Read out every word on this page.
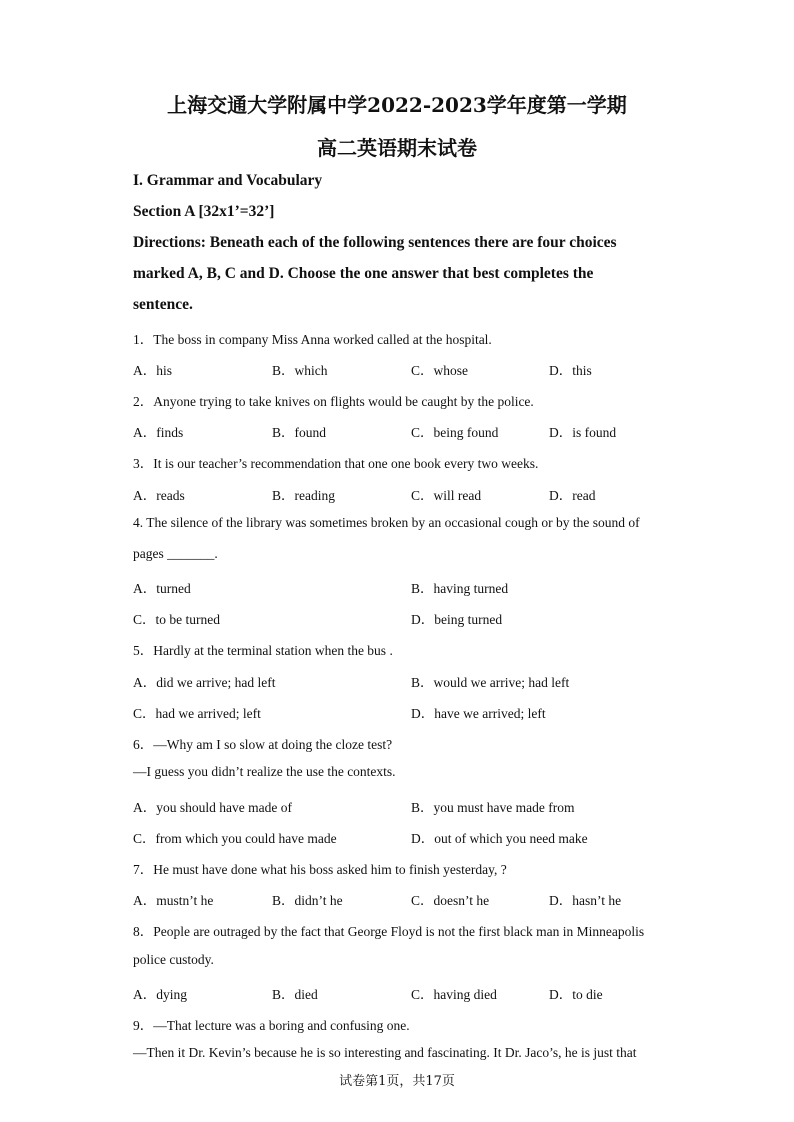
上海交通大学附属中学2022-2023学年度第一学期

高二英语期末试卷

I. Grammar and Vocabulary

Section A [32x1’=32’]

Directions: Beneath each of the following sentences there are four choices

marked A, B, C and D. Choose the one answer that best completes the

sentence.

1．The boss in company Miss Anna worked called at the hospital.

A．his	B．which	C．whose	D．this

2．Anyone trying to take knives on flights would be caught by the police.

A．finds	B．found	C．being found	D．is found

3．It is our teacher’s recommendation that one one book every two weeks.

A．reads	B．reading	C．will read	D．read

4. The silence of the library was sometimes broken by an occasional cough or by the sound of

pages _______.

A．turned	B．having turned
C．to be turned	D．being turned

5．Hardly at the terminal station when the bus .

A．did we arrive; had left	B．would we arrive; had left
C．had we arrived; left	D．have we arrived; left

6．—Why am I so slow at doing the cloze test?

—I guess you didn’t realize the use the contexts.

A．you should have made of	B．you must have made from
C．from which you could have made	D．out of which you need make

7．He must have done what his boss asked him to finish yesterday, ?

A．mustn’t he	B．didn’t he	C．doesn’t he	D．hasn’t he

8．People are outraged by the fact that George Floyd is not the first black man in Minneapolis

police custody.

A．dying	B．died	C．having died	D．to die

9．—That lecture was a boring and confusing one.

—Then it Dr. Kevin’s because he is so interesting and fascinating. It Dr. Jaco’s, he is just that

试卷第1页，共17页
